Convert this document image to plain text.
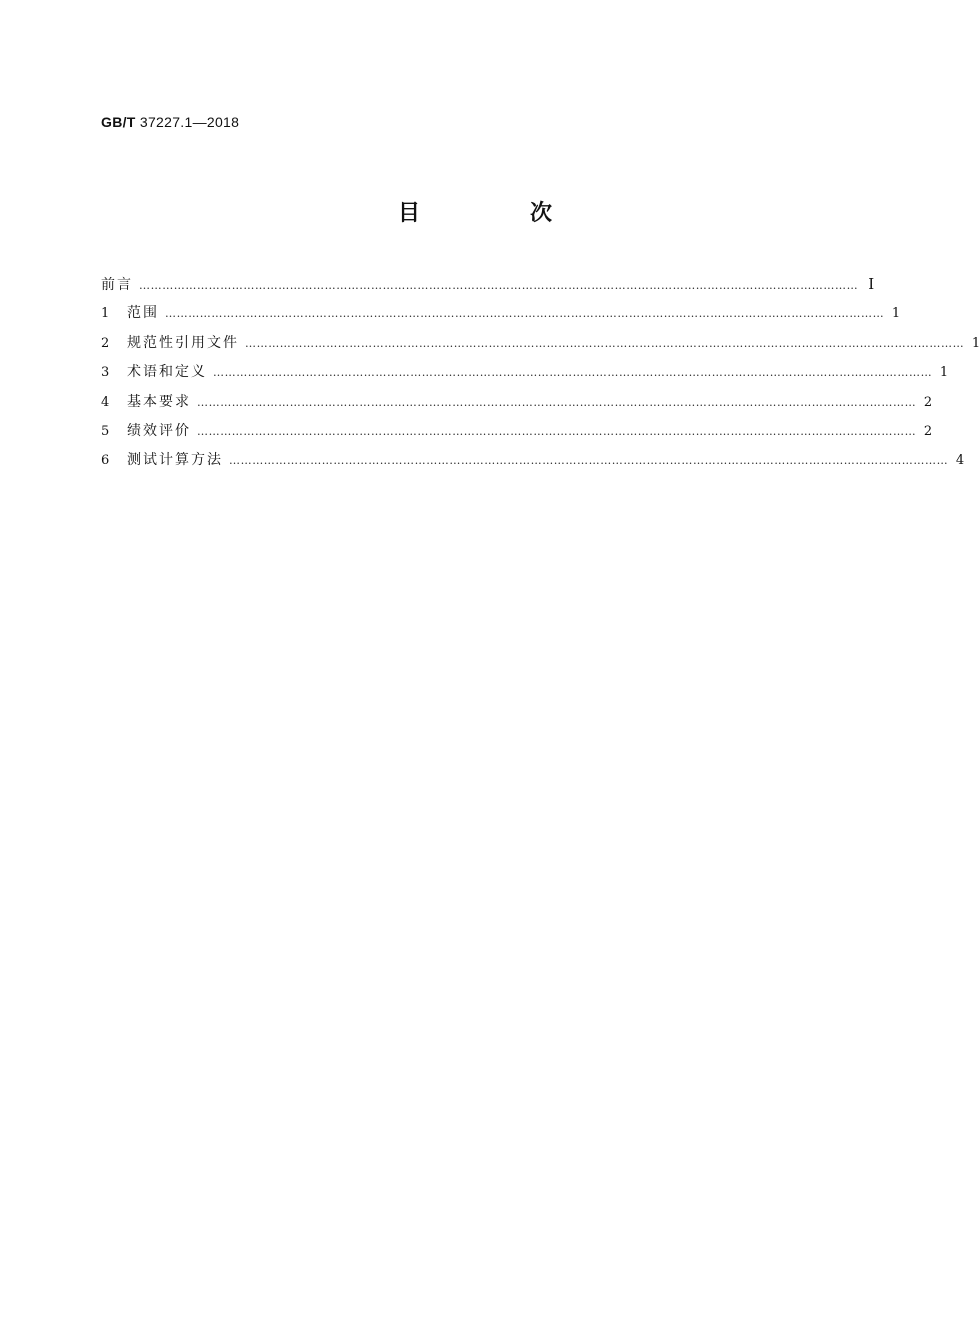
GB/T 37227.1—2018
目　次
前言 …………………………………………………………………………………………………………………………………………………………………… Ⅰ
1	范围 …………………………………………………………………………………………………………………………………………………………………… 1
2	规范性引用文件 …………………………………………………………………………………………………………………………………………………………………… 1
3	术语和定义 …………………………………………………………………………………………………………………………………………………………………… 1
4	基本要求 …………………………………………………………………………………………………………………………………………………………………… 2
5	绩效评价 …………………………………………………………………………………………………………………………………………………………………… 2
6	测试计算方法 …………………………………………………………………………………………………………………………………………………………………… 4
